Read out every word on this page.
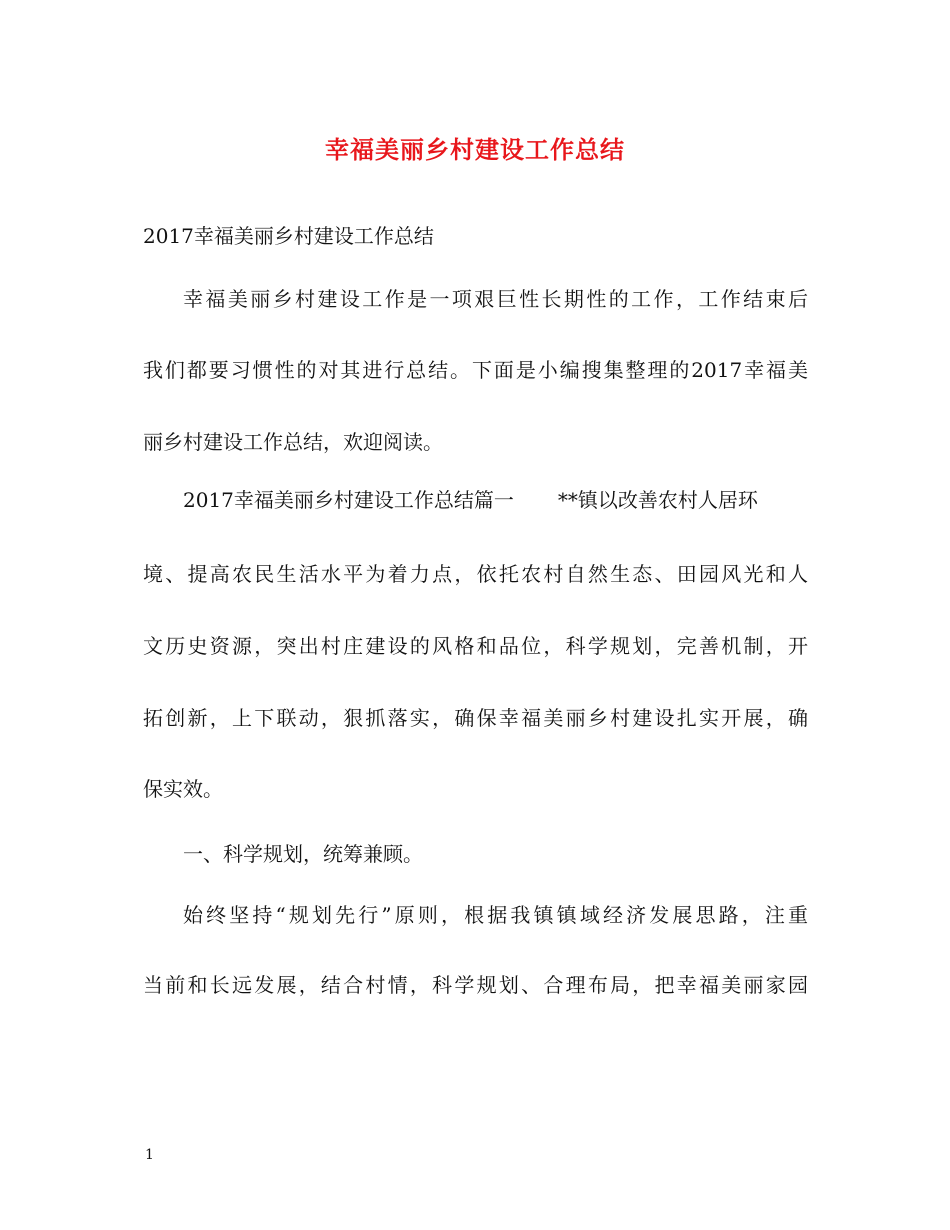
幸福美丽乡村建设工作总结
2017幸福美丽乡村建设工作总结
幸福美丽乡村建设工作是一项艰巨性长期性的工作，工作结束后
我们都要习惯性的对其进行总结。下面是小编搜集整理的2017幸福美
丽乡村建设工作总结，欢迎阅读。
2017幸福美丽乡村建设工作总结篇一 **镇以改善农村人居环
境、提高农民生活水平为着力点，依托农村自然生态、田园风光和人
文历史资源，突出村庄建设的风格和品位，科学规划，完善机制，开
拓创新，上下联动，狠抓落实，确保幸福美丽乡村建设扎实开展，确
保实效。
一、科学规划，统筹兼顾。
始终坚持“规划先行”原则，根据我镇镇域经济发展思路，注重
当前和长远发展，结合村情，科学规划、合理布局，把幸福美丽家园
1
